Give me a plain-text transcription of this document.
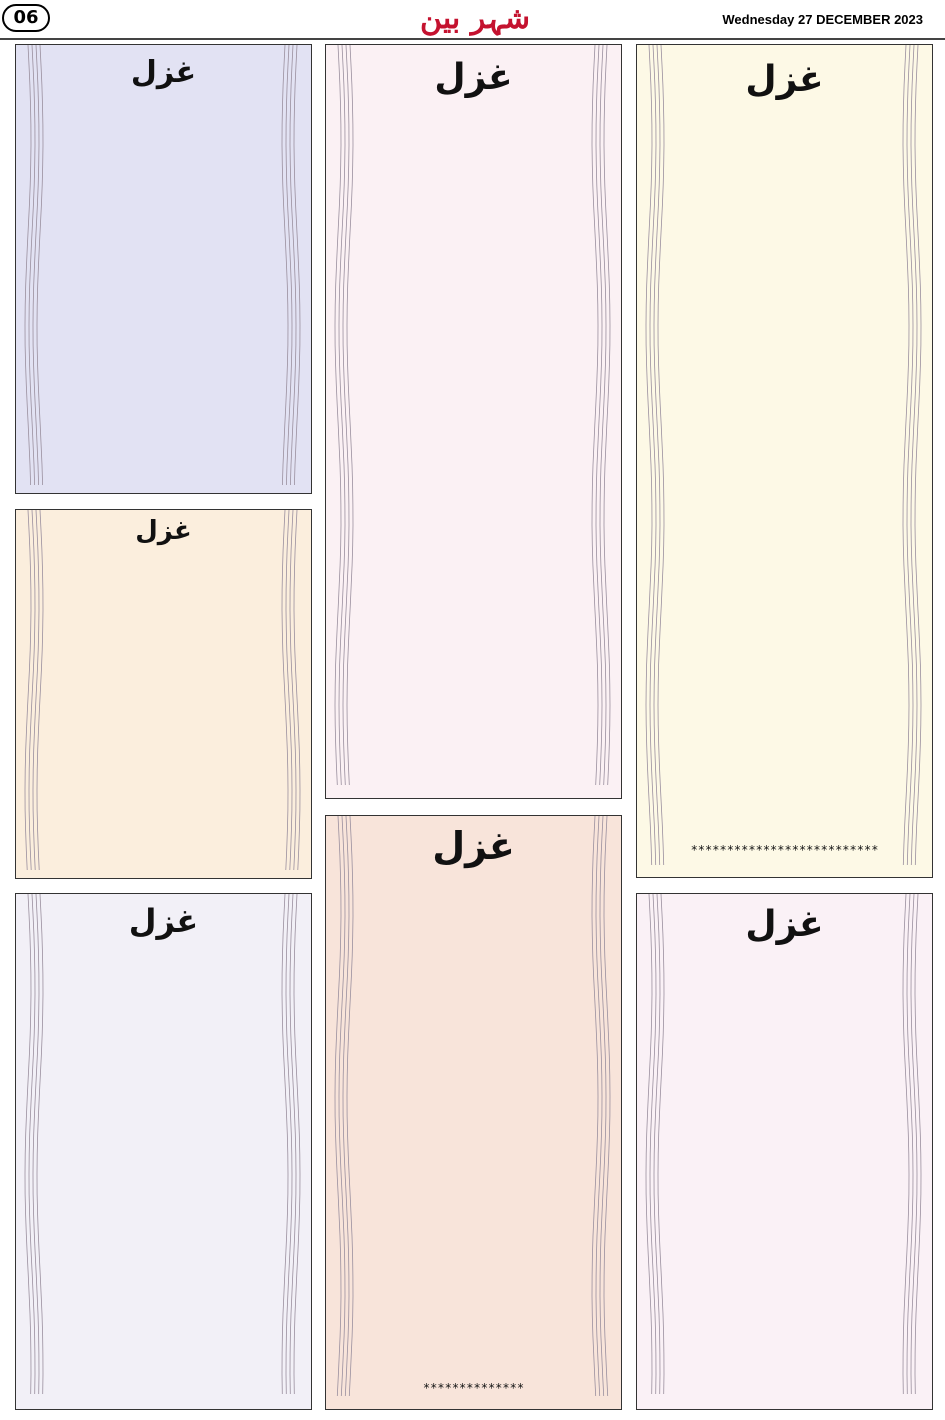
06	شہر بین	Wednesday 27 DECEMBER 2023
غزل	غزل	غزل
**************************
غزل
غزل
غزل
**************
غزل
